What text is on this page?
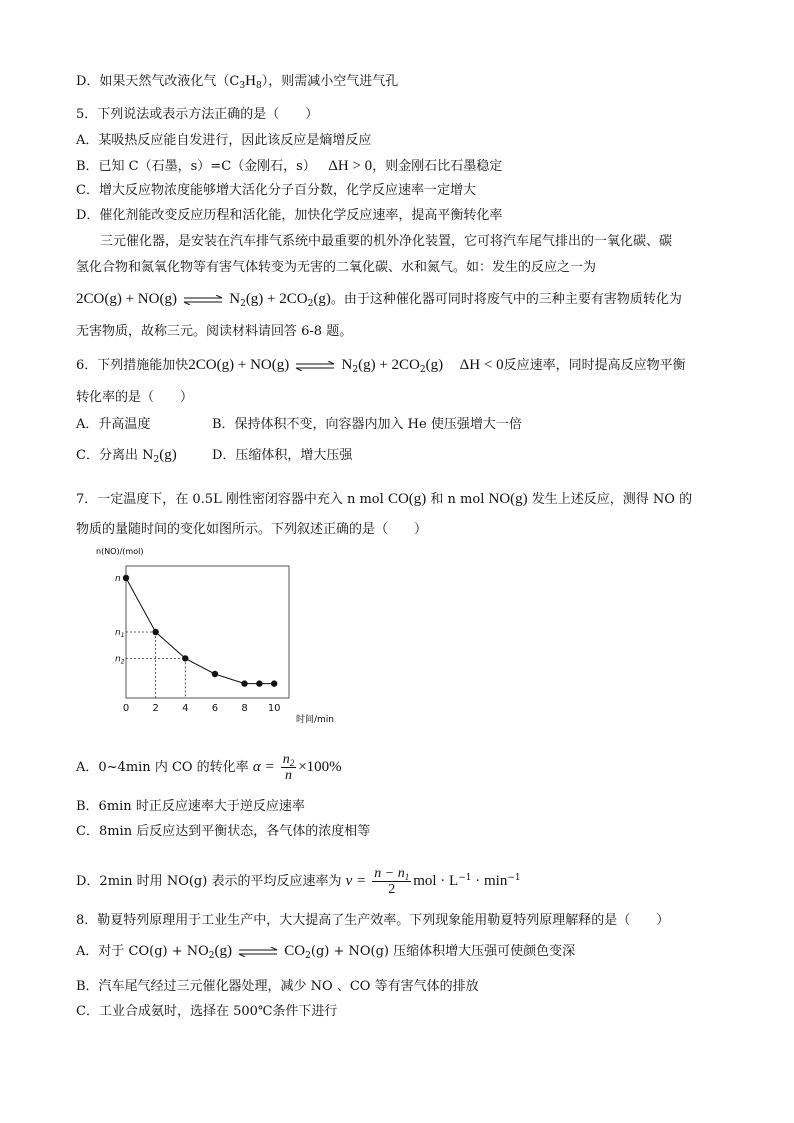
D．如果天然气改液化气$(C_3H_8)$，则需减小空气进气孔
5．下列说法或表示方法正确的是（　　）
A．某吸热反应能自发进行，因此该反应是熵增反应
B．已知 C（石墨，s）=C（金刚石，s） ΔH > 0，则金刚石比石墨稳定
C．增大反应物浓度能够增大活化分子百分数，化学反应速率一定增大
D．催化剂能改变反应历程和活化能，加快化学反应速率，提高平衡转化率
三元催化器，是安装在汽车排气系统中最重要的机外净化装置，它可将汽车尾气排出的一氧化碳、碳
氢化合物和氮氧化物等有害气体转变为无害的二氧化碳、水和氮气。如：发生的反应之一为
2CO(g) + NO(g) ⇌ $N_2(g) + 2CO_2(g)$。由于这种催化器可同时将废气中的三种主要有害物质转化为
无害物质，故称三元。阅读材料请回答 6-8 题。
6．下列措施能加快2CO(g) + NO(g) ⇌ $N_2(g) + 2CO_2(g) \Delta H < 0$反应速率，同时提高反应物平衡
转化率的是（　　）
A．升高温度	B．保持体积不变，向容器内加入 He 使压强增大一倍
C．分离出 $N_2(g)$	D．压缩体积，增大压强
7．一定温度下，在 0.5L 刚性密闭容器中充入 n mol CO(g) 和 n mol NO(g) 发生上述反应，测得 NO 的
物质的量随时间的变化如图所示。下列叙述正确的是（　　）
n(NO)/(mol)
时间/min
0 2 4 6 8 10
n
$n_1$
$n_2$
A．0~4min 内 CO 的转化率 $\alpha = \frac{n_2}{n} \times 100\%$
B．6min 时正反应速率大于逆反应速率
C．8min 后反应达到平衡状态，各气体的浓度相等
D．2min 时用 NO(g) 表示的平均反应速率为 $v = \frac{n - n_1}{2}$ mol · $L^{-1} \cdot \min^{-1}$
8．勒夏特列原理用于工业生产中，大大提高了生产效率。下列现象能用勒夏特列原理解释的是（　　）
A．对于 $CO(g) + NO_2(g)$ ⇌ $CO_2(g) + NO(g)$ 压缩体积增大压强可使颜色变深
B．汽车尾气经过三元催化器处理，减少 NO 、CO 等有害气体的排放
C．工业合成氨时，选择在 500℃条件下进行
